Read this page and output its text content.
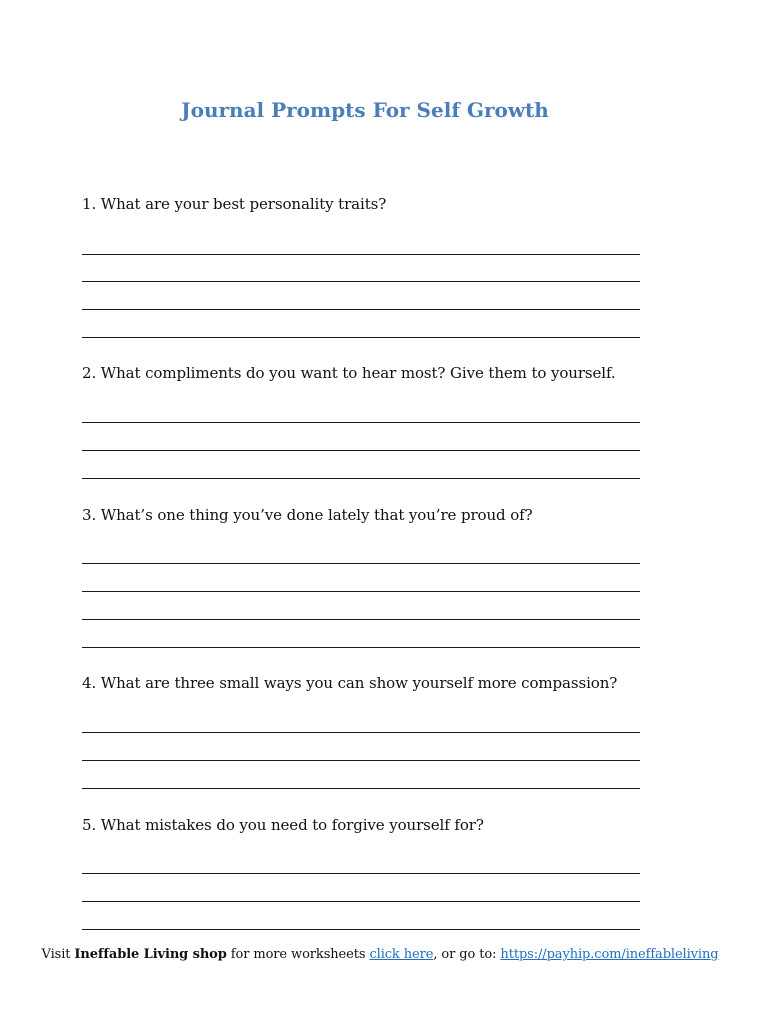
Journal Prompts For Self Growth
1. What are your best personality traits?
2. What compliments do you want to hear most? Give them to yourself.
3. What’s one thing you’ve done lately that you’re proud of?
4. What are three small ways you can show yourself more compassion?
5. What mistakes do you need to forgive yourself for?
Visit Ineffable Living shop for more worksheets click here, or go to: https://payhip.com/ineffableliving
